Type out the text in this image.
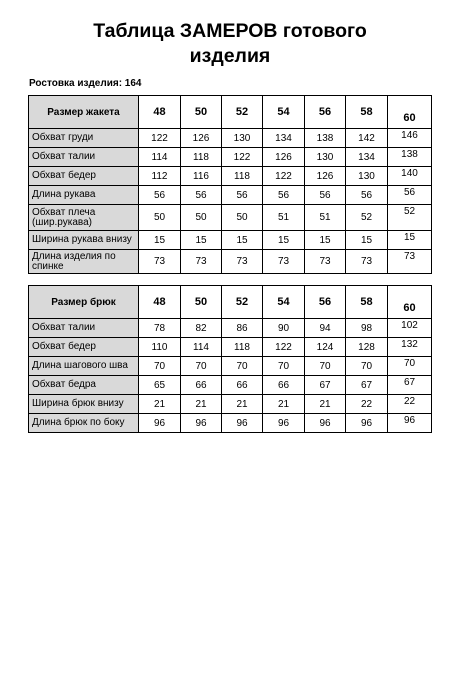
Таблица ЗАМЕРОВ готового
изделия
Ростовка изделия: 164
Размер жакета	48	50	52	54	56	58	60
Обхват груди	122	126	130	134	138	142	146
Обхват талии	114	118	122	126	130	134	138
Обхват бедер	112	116	118	122	126	130	140
Длина рукава	56	56	56	56	56	56	56
Обхват плеча (шир.рукава)	50	50	50	51	51	52	52
Ширина рукава внизу	15	15	15	15	15	15	15
Длина изделия по спинке	73	73	73	73	73	73	73
Размер брюк	48	50	52	54	56	58	60
Обхват талии	78	82	86	90	94	98	102
Обхват бедер	110	114	118	122	124	128	132
Длина шагового шва	70	70	70	70	70	70	70
Обхват бедра	65	66	66	66	67	67	67
Ширина брюк внизу	21	21	21	21	21	22	22
Длина брюк по боку	96	96	96	96	96	96	96
